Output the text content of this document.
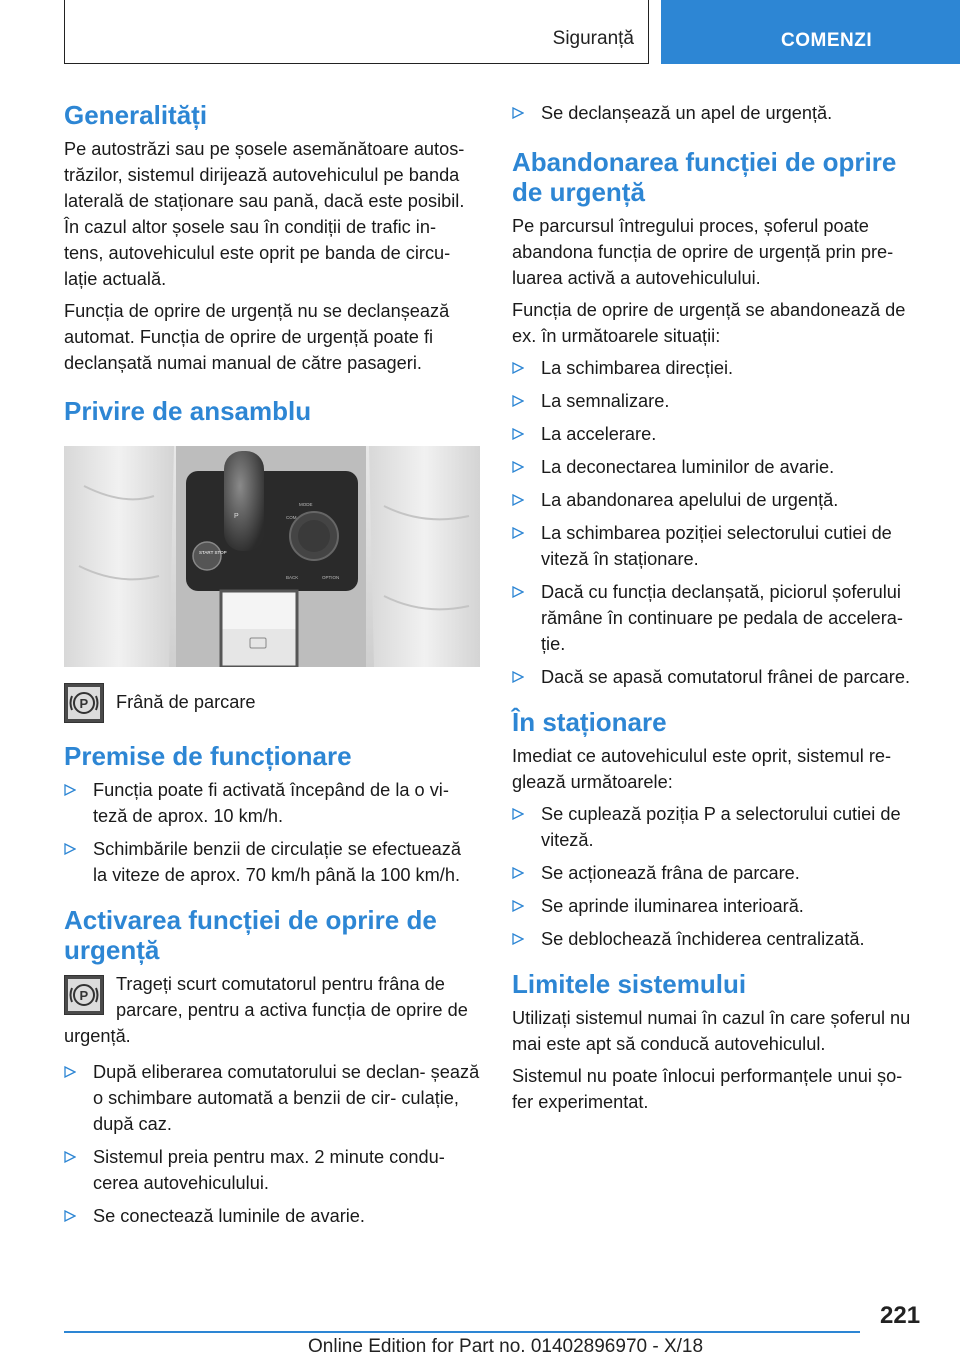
Siguranță	COMENZI
Generalități

Pe autostrăzi sau pe șosele asemănătoare autos- trăzilor, sistemul dirijează autovehiculul pe banda laterală de staționare sau pană, dacă este posibil. În cazul altor șosele sau în condiții de trafic in- tens, autovehiculul este oprit pe banda de circu- lație actuală.

Funcția de oprire de urgență nu se declanșează automat. Funcția de oprire de urgență poate fi declanșată numai manual de către pasageri.

Privire de ansamblu
P
START STOP
MODE
COM
BACK	OPTION
P	Frână de parcare

Premise de funcționare
Funcția poate fi activată începând de la o vi- teză de aprox. 10 km/h.
Schimbările benzii de circulație se efectuează la viteze de aprox. 70 km/h până la 100 km/h.
Activarea funcției de oprire de urgență
P

Trageți scurt comutatorul pentru frâna de parcare, pentru a activa funcția de oprire de urgență.

După eliberarea comutatorului se declan- șează o schimbare automată a benzii de cir- culație, după caz.
Sistemul preia pentru max. 2 minute condu- cerea autovehiculului.
Se conectează luminile de avarie.
Se declanșează un apel de urgență.
Abandonarea funcției de oprire de urgență

Pe parcursul întregului proces, șoferul poate abandona funcția de oprire de urgență prin pre- luarea activă a autovehiculului.

Funcția de oprire de urgență se abandonează de ex. în următoarele situații:

La schimbarea direcției.
La semnalizare.
La accelerare.
La deconectarea luminilor de avarie.
La abandonarea apelului de urgență.
La schimbarea poziției selectorului cutiei de viteză în staționare.
Dacă cu funcția declanșată, piciorul șoferului rămâne în continuare pe pedala de accelera- ție.
Dacă se apasă comutatorul frânei de parcare.
În staționare

Imediat ce autovehiculul este oprit, sistemul re- glează următoarele:

Se cuplează poziția P a selectorului cutiei de viteză.
Se acționează frâna de parcare.
Se aprinde iluminarea interioară.
Se deblochează închiderea centralizată.
Limitele sistemului

Utilizați sistemul numai în cazul în care șoferul nu mai este apt să conducă autovehiculul.

Sistemul nu poate înlocui performanțele unui șo- fer experimentat.

221
Online Edition for Part no. 01402896970 - X/18
